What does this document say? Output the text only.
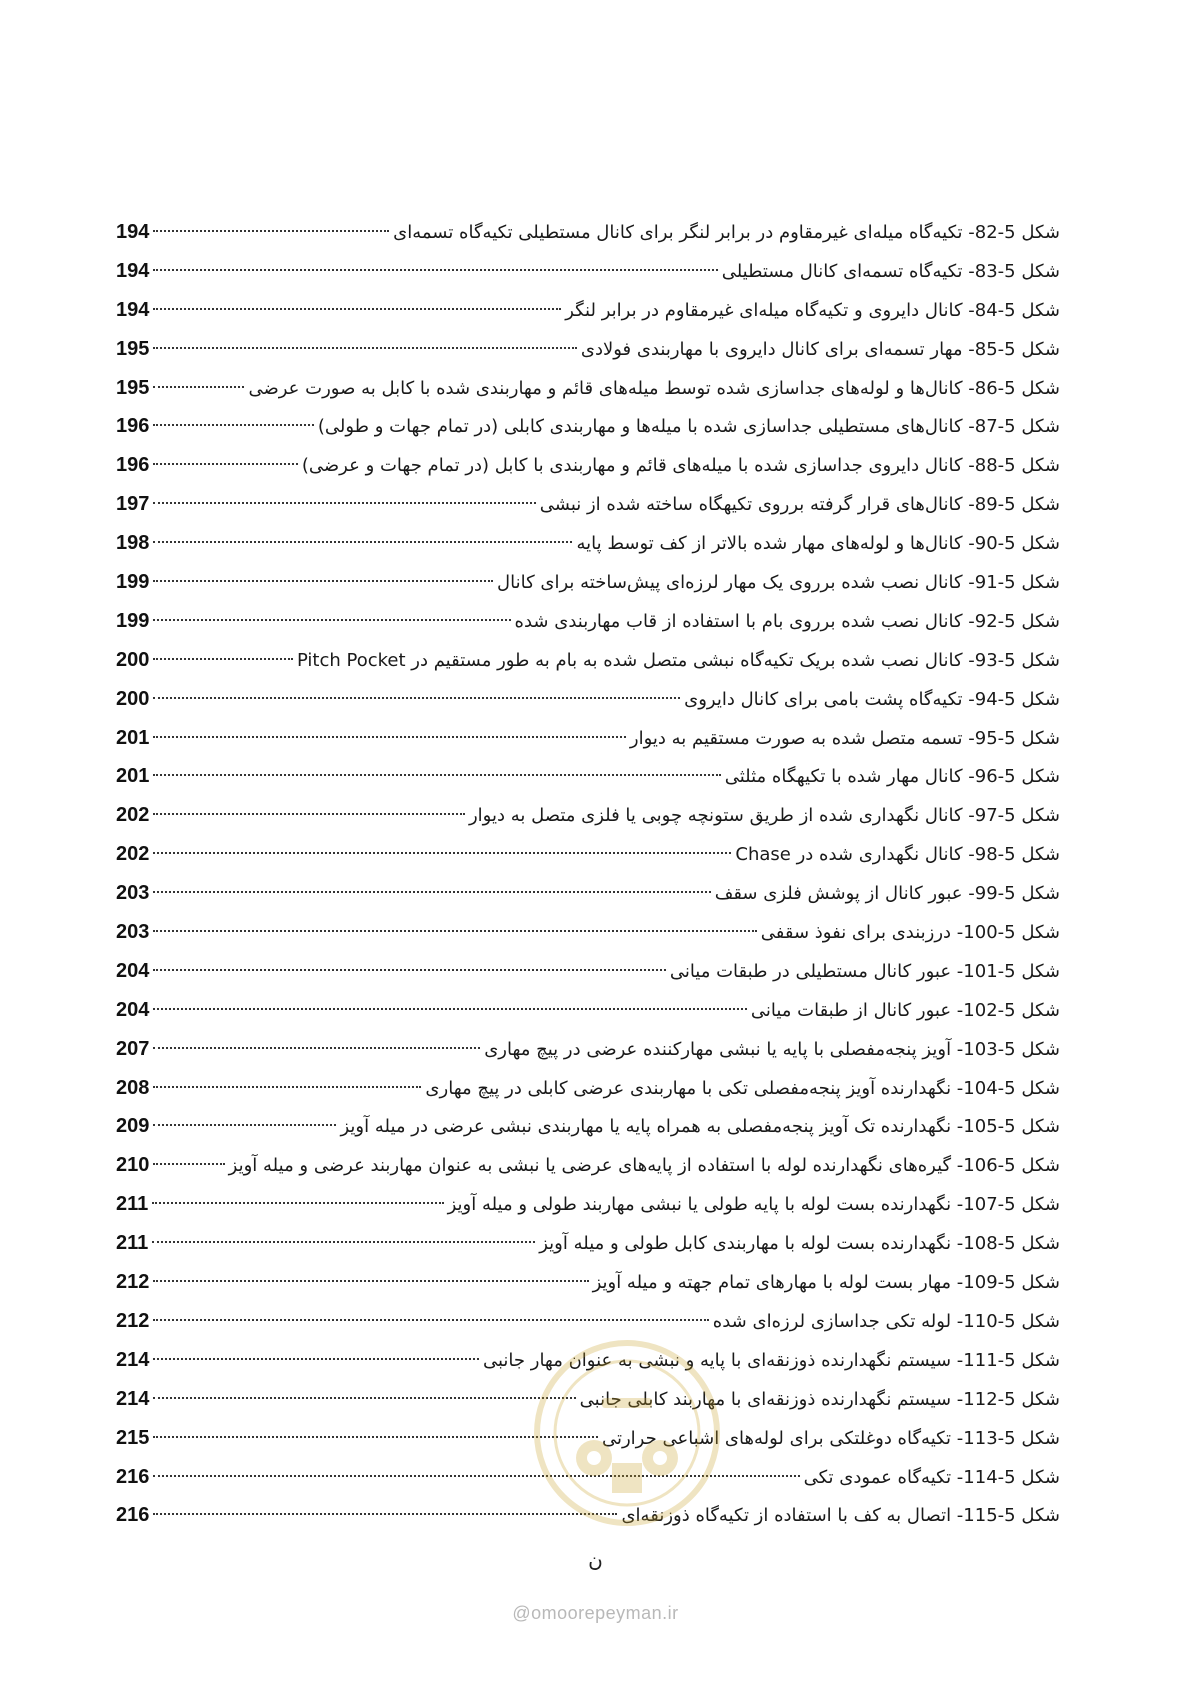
شکل 5-82- تکیه‌گاه میله‌ای غیرمقاوم در برابر لنگر برای کانال مستطیلی تکیه‌گاه تسمه‌ای
194
شکل 5-83- تکیه‌گاه تسمه‌ای کانال مستطیلی
194
شکل 5-84- کانال دایروی و تکیه‌گاه میله‌ای غیرمقاوم در برابر لنگر
194
شکل 5-85- مهار تسمه‌ای برای کانال دایروی با مهاربندی فولادی
195
شکل 5-86- کانال‌ها و لوله‌های جداسازی شده توسط میله‌های قائم و مهاربندی شده با کابل به صورت عرضی
195
شکل 5-87- کانال‌های مستطیلی جداسازی شده با میله‌ها و مهاربندی کابلی (در تمام جهات و طولی)
196
شکل 5-88- کانال دایروی جداسازی شده با میله‌های قائم و مهاربندی با کابل (در تمام جهات و عرضی)
196
شکل 5-89- کانال‌های قرار گرفته برروی تکیهگاه ساخته شده از نبشی
197
شکل 5-90- کانال‌ها و لوله‌های مهار شده بالاتر از کف توسط پایه
198
شکل 5-91- کانال نصب شده برروی یک مهار لرزه‌ای پیش‌ساخته برای کانال
199
شکل 5-92- کانال نصب شده برروی بام با استفاده از قاب مهاربندی شده
199
شکل 5-93- کانال نصب شده بریک تکیه‌گاه نبشی متصل شده به بام به طور مستقیم در Pitch Pocket
200
شکل 5-94- تکیه‌گاه پشت بامی برای کانال دایروی
200
شکل 5-95- تسمه متصل شده به صورت مستقیم به دیوار
201
شکل 5-96- کانال مهار شده با تکیهگاه مثلثی
201
شکل 5-97- کانال نگهداری شده از طریق ستونچه چوبی یا فلزی متصل به دیوار
202
شکل 5-98- کانال نگهداری شده در Chase
202
شکل 5-99- عبور کانال از پوشش فلزی سقف
203
شکل 5-100- درزبندی برای نفوذ سقفی
203
شکل 5-101- عبور کانال مستطیلی در طبقات میانی
204
شکل 5-102- عبور کانال از طبقات میانی
204
شکل 5-103- آویز پنجه‌مفصلی با پایه یا نبشی مهارکننده عرضی در پیچ مهاری
207
شکل 5-104- نگهدارنده آویز پنجه‌مفصلی تکی با مهاربندی عرضی کابلی در پیچ مهاری
208
شکل 5-105- نگهدارنده تک آویز پنجه‌مفصلی به همراه پایه یا مهاربندی نبشی عرضی در میله آویز
209
شکل 5-106- گیره‌های نگهدارنده لوله با استفاده از پایه‌های عرضی یا نبشی به عنوان مهاربند عرضی و میله آویز
210
شکل 5-107- نگهدارنده بست لوله با پایه طولی یا نبشی مهاربند طولی و میله آویز
211
شکل 5-108- نگهدارنده بست لوله با مهاربندی کابل طولی و میله آویز
211
شکل 5-109- مهار بست لوله با مهارهای تمام جهته و میله آویز
212
شکل 5-110- لوله تکی جداسازی لرزه‌ای شده
212
شکل 5-111- سیستم نگهدارنده ذوزنقه‌ای با پایه و نبشی به عنوان مهار جانبی
214
شکل 5-112- سیستم نگهدارنده ذوزنقه‌ای با مهاربند کابلی جانبی
214
شکل 5-113- تکیه‌گاه دوغلتکی برای لوله‌های اشباعی حرارتی
215
شکل 5-114- تکیه‌گاه عمودی تکی
216
شکل 5-115- اتصال به کف با استفاده از تکیه‌گاه ذوزنقه‌ای
216
ن
@omoorepeyman.ir
